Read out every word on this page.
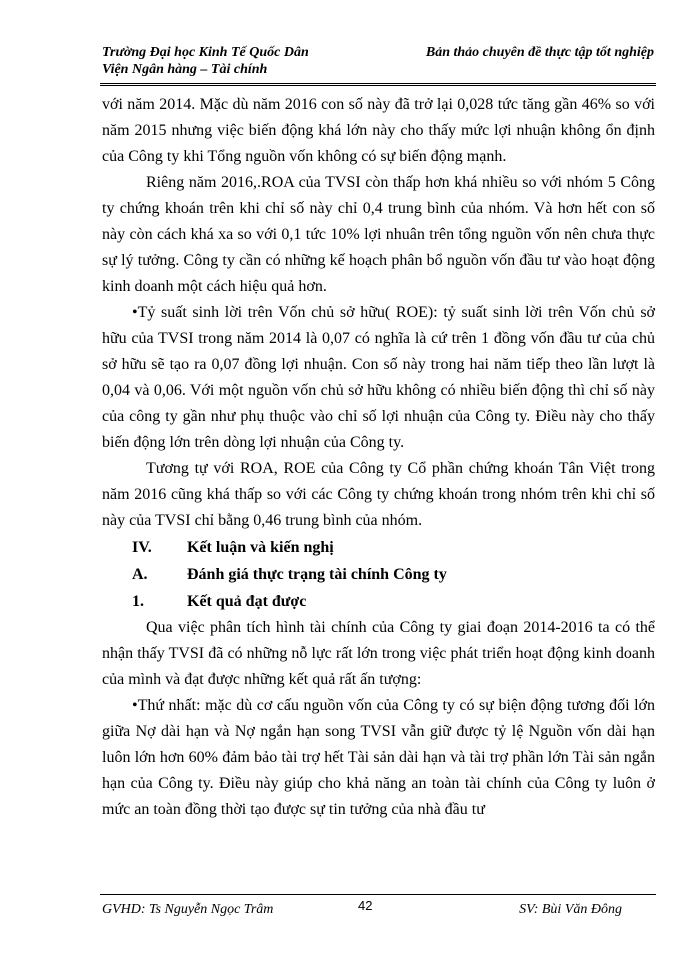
Trường Đại học Kinh Tế Quốc Dân
Viện Ngân hàng – Tài chính
Bản thảo chuyên đề thực tập tốt nghiệp

với năm 2014. Mặc dù năm 2016 con số này đã trở lại 0,028 tức tăng gần 46% so với năm 2015 nhưng việc biến động khá lớn này cho thấy mức lợi nhuận không ổn định của Công ty khi Tổng nguồn vốn không có sự biến động mạnh.

Riêng năm 2016,.ROA của TVSI còn thấp hơn khá nhiều so với nhóm 5 Công ty chứng khoán trên khi chỉ số này chỉ 0,4 trung bình của nhóm. Và hơn hết con số này còn cách khá xa so với 0,1 tức 10% lợi nhuân trên tổng nguồn vốn nên chưa thực sự lý tưởng. Công ty cần có những kế hoạch phân bổ nguồn vốn đầu tư vào hoạt động kinh doanh một cách hiệu quả hơn.

•Tỷ suất sinh lời trên Vốn chủ sở hữu( ROE): tỷ suất sinh lời trên Vốn chủ sở hữu của TVSI trong năm 2014 là 0,07 có nghĩa là cứ trên 1 đồng vốn đầu tư của chủ sở hữu sẽ tạo ra 0,07 đồng lợi nhuận. Con số này trong hai năm tiếp theo lần lượt là 0,04 và 0,06. Với một nguồn vốn chủ sở hữu không có nhiều biến động thì chỉ số này của công ty gần như phụ thuộc vào chỉ số lợi nhuận của Công ty. Điều này cho thấy biến động lớn trên dòng lợi nhuận của Công ty.

Tương tự với ROA, ROE của Công ty Cổ phần chứng khoán Tân Việt trong năm 2016 cũng khá thấp so với các Công ty chứng khoán trong nhóm trên khi chỉ số này của TVSI chỉ bằng 0,46 trung bình của nhóm.

IV. Kết luận và kiến nghị
A. Đánh giá thực trạng tài chính Công ty
1.	Kết quả đạt được

Qua việc phân tích hình tài chính của Công ty giai đoạn 2014-2016 ta có thể nhận thấy TVSI đã có những nỗ lực rất lớn trong việc phát triển hoạt động kinh doanh của mình và đạt được những kết quả rất ấn tượng:

•Thứ nhất: mặc dù cơ cấu nguồn vốn của Công ty có sự biện động tương đối lớn giữa Nợ dài hạn và Nợ ngắn hạn song TVSI vẫn giữ được tỷ lệ Nguồn vốn dài hạn luôn lớn hơn 60% đảm bảo tài trợ hết Tài sản dài hạn và tài trợ phần lớn Tài sản ngắn hạn của Công ty. Điều này giúp cho khả năng an toàn tài chính của Công ty luôn ở mức an toàn đồng thời tạo được sự tin tưởng của nhà đầu tư

GVHD: Ts Nguyễn Ngọc Trâm	42	SV: Bùi Văn Đông
